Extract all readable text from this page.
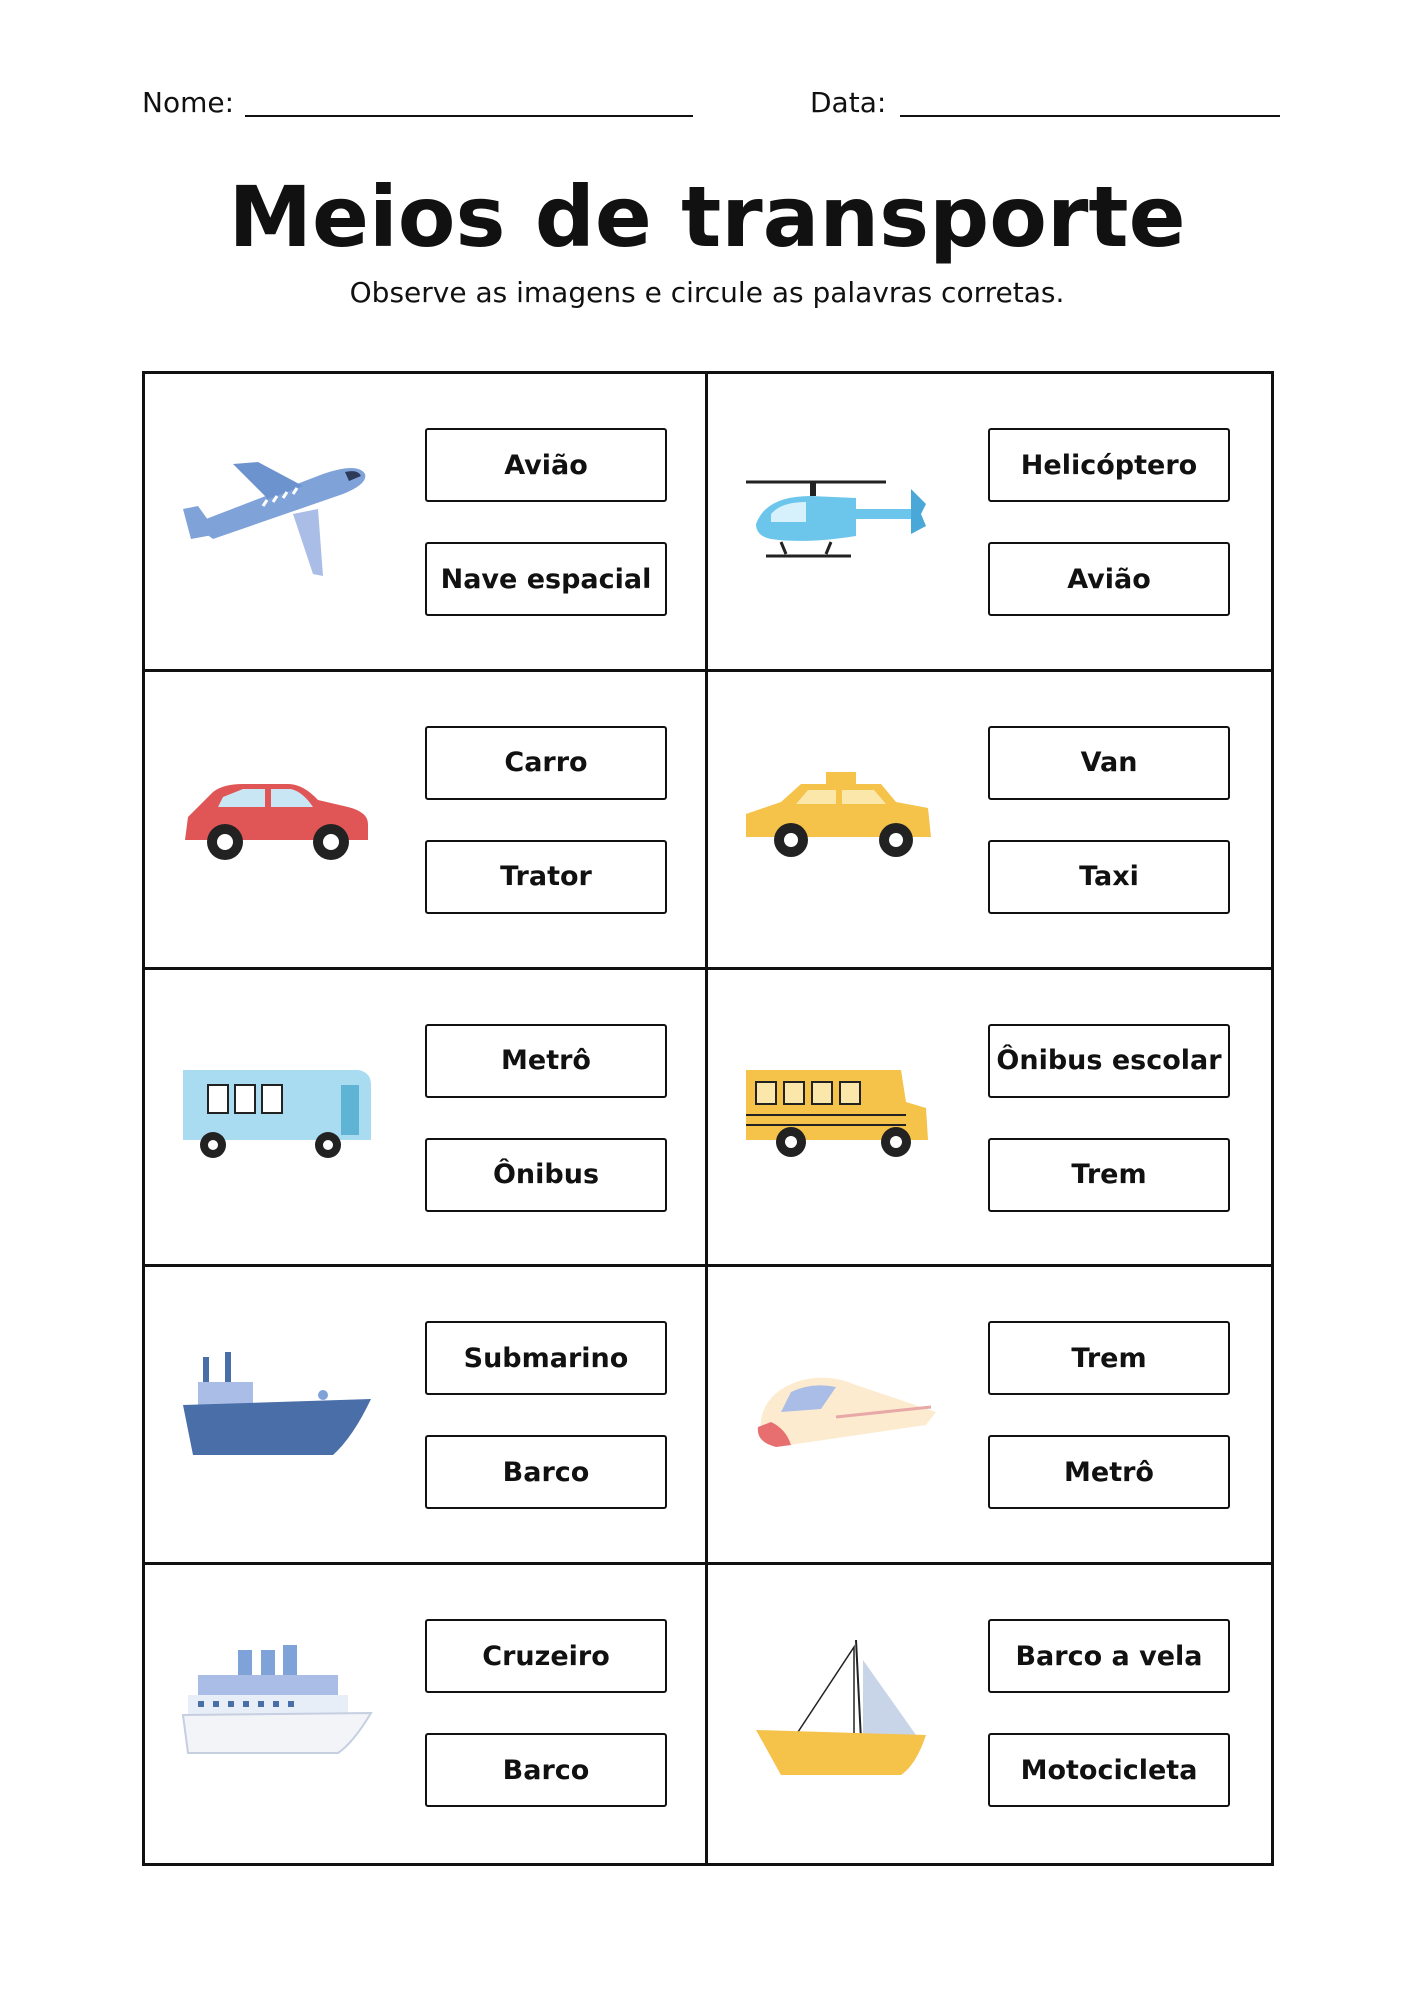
Nome:	Data:
Meios de transporte
Observe as imagens e circule as palavras corretas.
Avião
Nave espacial
Helicóptero
Avião
Carro
Trator
Van
Taxi
Metrô
Ônibus
Ônibus escolar
Trem
Submarino
Barco
Trem
Metrô
Cruzeiro
Barco
Barco a vela
Motocicleta
